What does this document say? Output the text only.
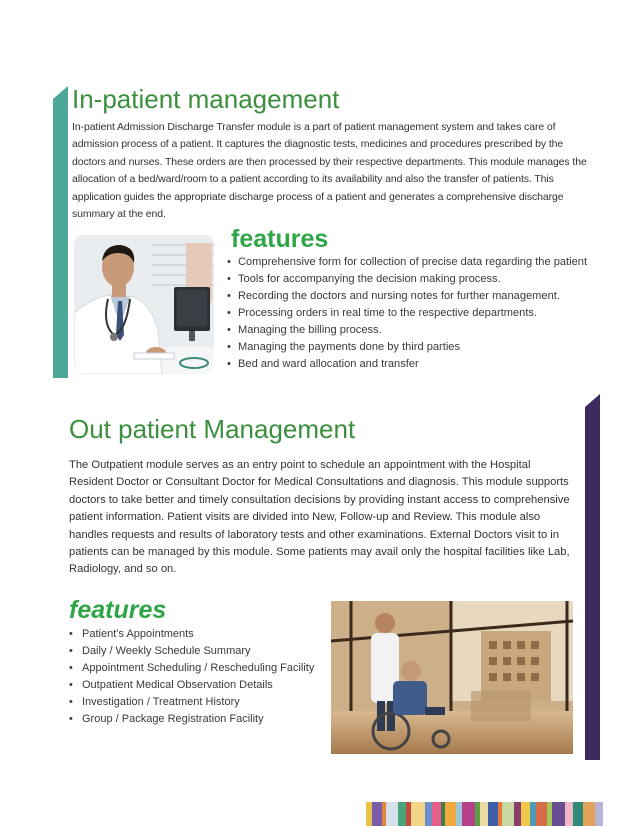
In-patient management

In-patient Admission Discharge Transfer module is a part of patient management system and takes care of admission process of a patient. It captures the diagnostic tests, medicines and procedures prescribed by the doctors and nurses. These orders are then processed by their respective departments. This module manages the allocation of a bed/ward/room to a patient according to its availability and also the transfer of patients. This application guides the appropriate discharge process of a patient and generates a comprehensive discharge summary at the end.

features
• Comprehensive form for collection of precise data regarding the patient
• Tools for accompanying the decision making process.
• Recording the doctors and nursing notes for further management.
• Processing orders in real time to the respective departments.
• Managing the billing process.
• Managing the payments done by third parties
• Bed and ward allocation and transfer
Out patient Management

The Outpatient module serves as an entry point to schedule an appointment with the Hospital Resident Doctor or Consultant Doctor for Medical Consultations and diagnosis. This module supports doctors to take better and timely consultation decisions by providing instant access to comprehensive patient information. Patient visits are divided into New, Follow-up and Review. This module also handles requests and results of laboratory tests and other examinations. External Doctors visit to in patients can be managed by this module. Some patients may avail only the hospital facilities like Lab, Radiology, and so on.

features
• Patient’s Appointments
• Daily / Weekly Schedule Summary
• Appointment Scheduling / Rescheduling Facility
• Outpatient Medical Observation Details
• Investigation / Treatment History
• Group / Package Registration Facility
